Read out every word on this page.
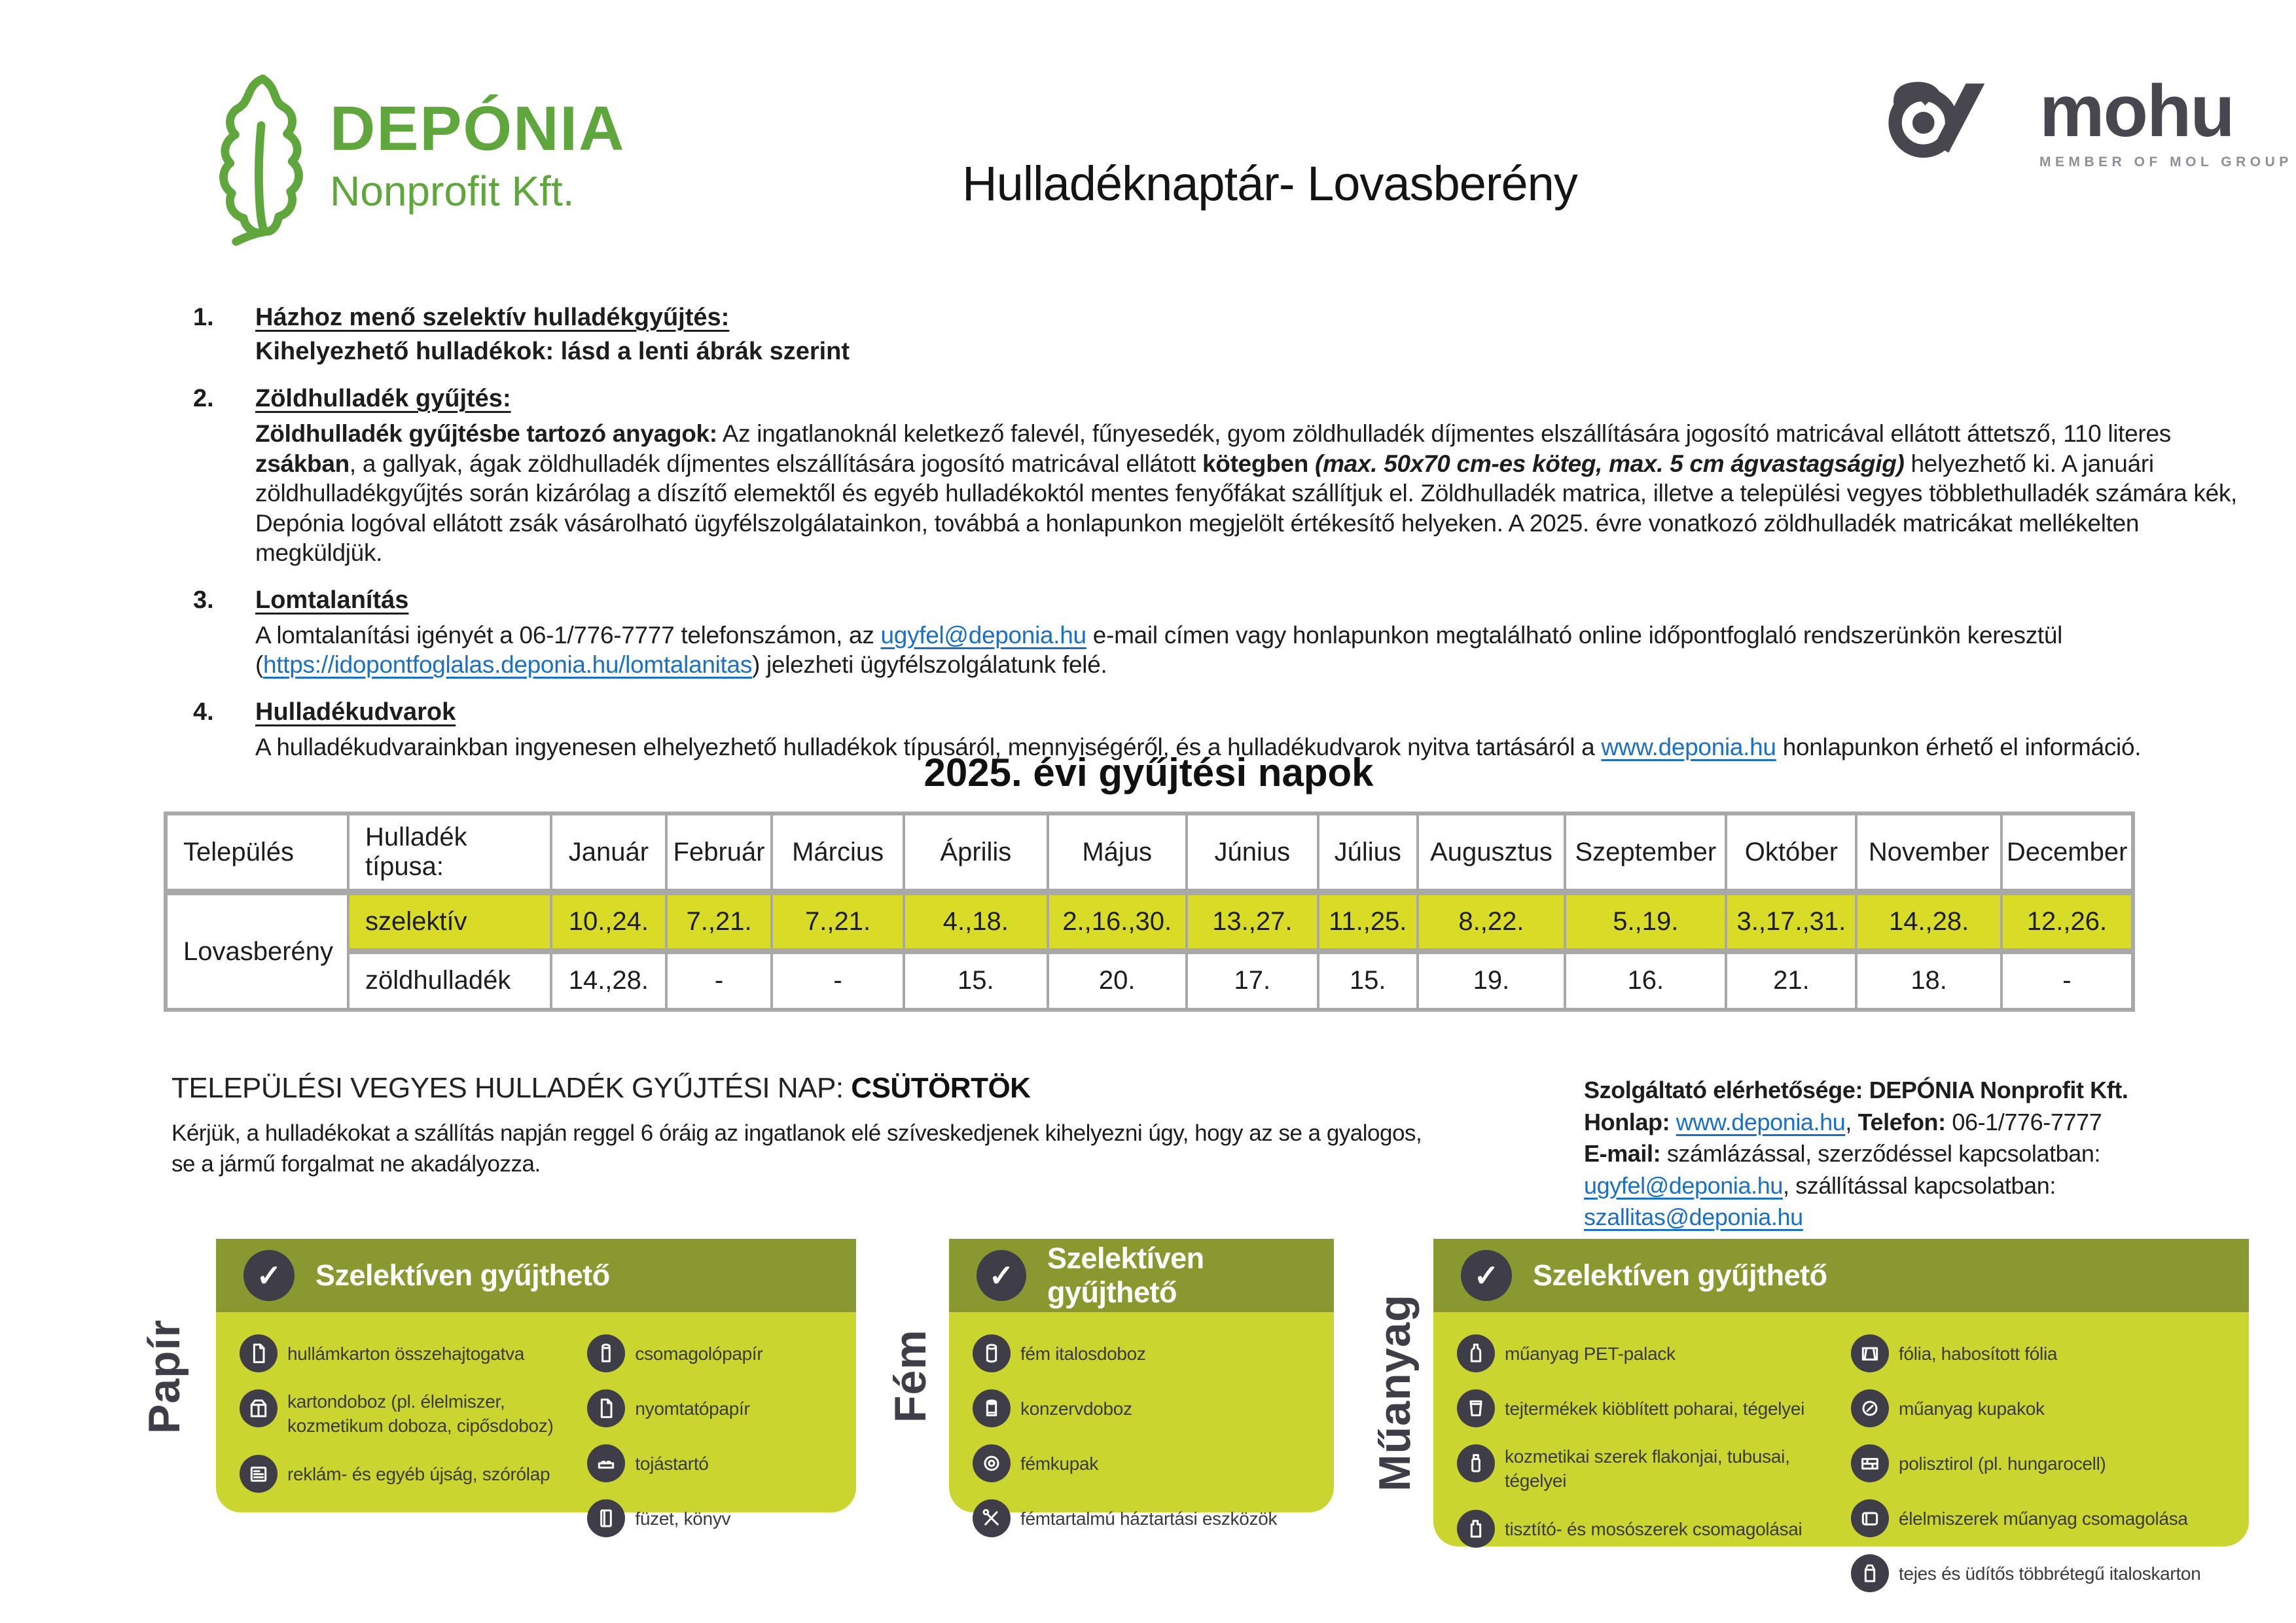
DEPÓNIA
Nonprofit Kft.	Hulladéknaptár- Lovasberény
mohu
MEMBER OF MOL GROUP
1.	Házhoz menő szelektív hulladékgyűjtés:
Kihelyezhető hulladékok: lásd a lenti ábrák szerint
2.	Zöldhulladék gyűjtés:

Zöldhulladék gyűjtésbe tartozó anyagok: Az ingatlanoknál keletkező falevél, fűnyesedék, gyom zöldhulladék díjmentes elszállítására jogosító matricával ellátott áttetsző, 110 literes zsákban, a gallyak, ágak zöldhulladék díjmentes elszállítására jogosító matricával ellátott kötegben (max. 50x70 cm-es köteg, max. 5 cm ágvastagságig) helyezhető ki. A januári zöldhulladékgyűjtés során kizárólag a díszítő elemektől és egyéb hulladékoktól mentes fenyőfákat szállítjuk el. Zöldhulladék matrica, illetve a települési vegyes többlethulladék számára kék, Depónia logóval ellátott zsák vásárolható ügyfélszolgálatainkon, továbbá a honlapunkon megjelölt értékesítő helyeken. A 2025. évre vonatkozó zöldhulladék matricákat mellékelten megküldjük.

3.	Lomtalanítás

A lomtalanítási igényét a 06-1/776-7777 telefonszámon, az ugyfel@deponia.hu e-mail címen vagy honlapunkon megtalálható online időpontfoglaló rendszerünkön keresztül (https://idopontfoglalas.deponia.hu/lomtalanitas) jelezheti ügyfélszolgálatunk felé.

4.	Hulladékudvarok

A hulladékudvarainkban ingyenesen elhelyezhető hulladékok típusáról, mennyiségéről, és a hulladékudvarok nyitva tartásáról a www.deponia.hu honlapunkon érhető el információ.

2025. évi gyűjtési napok
Település	Hulladék típusa:	Január	Február	Március	Április	Május	Június	Július	Augusztus	Szeptember	Október	November	December
Lovasberény	szelektív	10.,24.	7.,21.	7.,21.	4.,18.	2.,16.,30.	13.,27.	11.,25.	8.,22.	5.,19.	3.,17.,31.	14.,28.	12.,26.
	zöldhulladék	14.,28.	-	-	15.	20.	17.	15.	19.	16.	21.	18.	-
TELEPÜLÉSI VEGYES HULLADÉK GYŰJTÉSI NAP: CSÜTÖRTÖK
Kérjük, a hulladékokat a szállítás napján reggel 6 óráig az ingatlanok elé szíveskedjenek kihelyezni úgy, hogy az se a gyalogos,
se a jármű forgalmat ne akadályozza.
Szolgáltató elérhetősége: DEPÓNIA Nonprofit Kft.
Honlap: www.deponia.hu, Telefon: 06-1/776-7777
E-mail: számlázással, szerződéssel kapcsolatban:
ugyfel@deponia.hu, szállítással kapcsolatban:
szallitas@deponia.hu
Papír
✓	Szelektíven gyűjthető
hullámkarton összehajtogatva
kartondoboz (pl. élelmiszer, kozmetikum doboza, cipősdoboz)
reklám- és egyéb újság, szórólap
csomagolópapír
nyomtatópapír
tojástartó
füzet, könyv
Fém
✓
Szelektíven gyűjthető
fém italosdoboz
konzervdoboz
fémkupak
fémtartalmú háztartási eszközök
Műanyag
✓	Szelektíven gyűjthető
műanyag PET-palack
tejtermékek kiöblített poharai, tégelyei
kozmetikai szerek flakonjai, tubusai, tégelyei
tisztító- és mosószerek csomagolásai
fólia, habosított fólia
műanyag kupakok
polisztirol (pl. hungarocell)
élelmiszerek műanyag csomagolása
tejes és üdítős többrétegű italoskarton
